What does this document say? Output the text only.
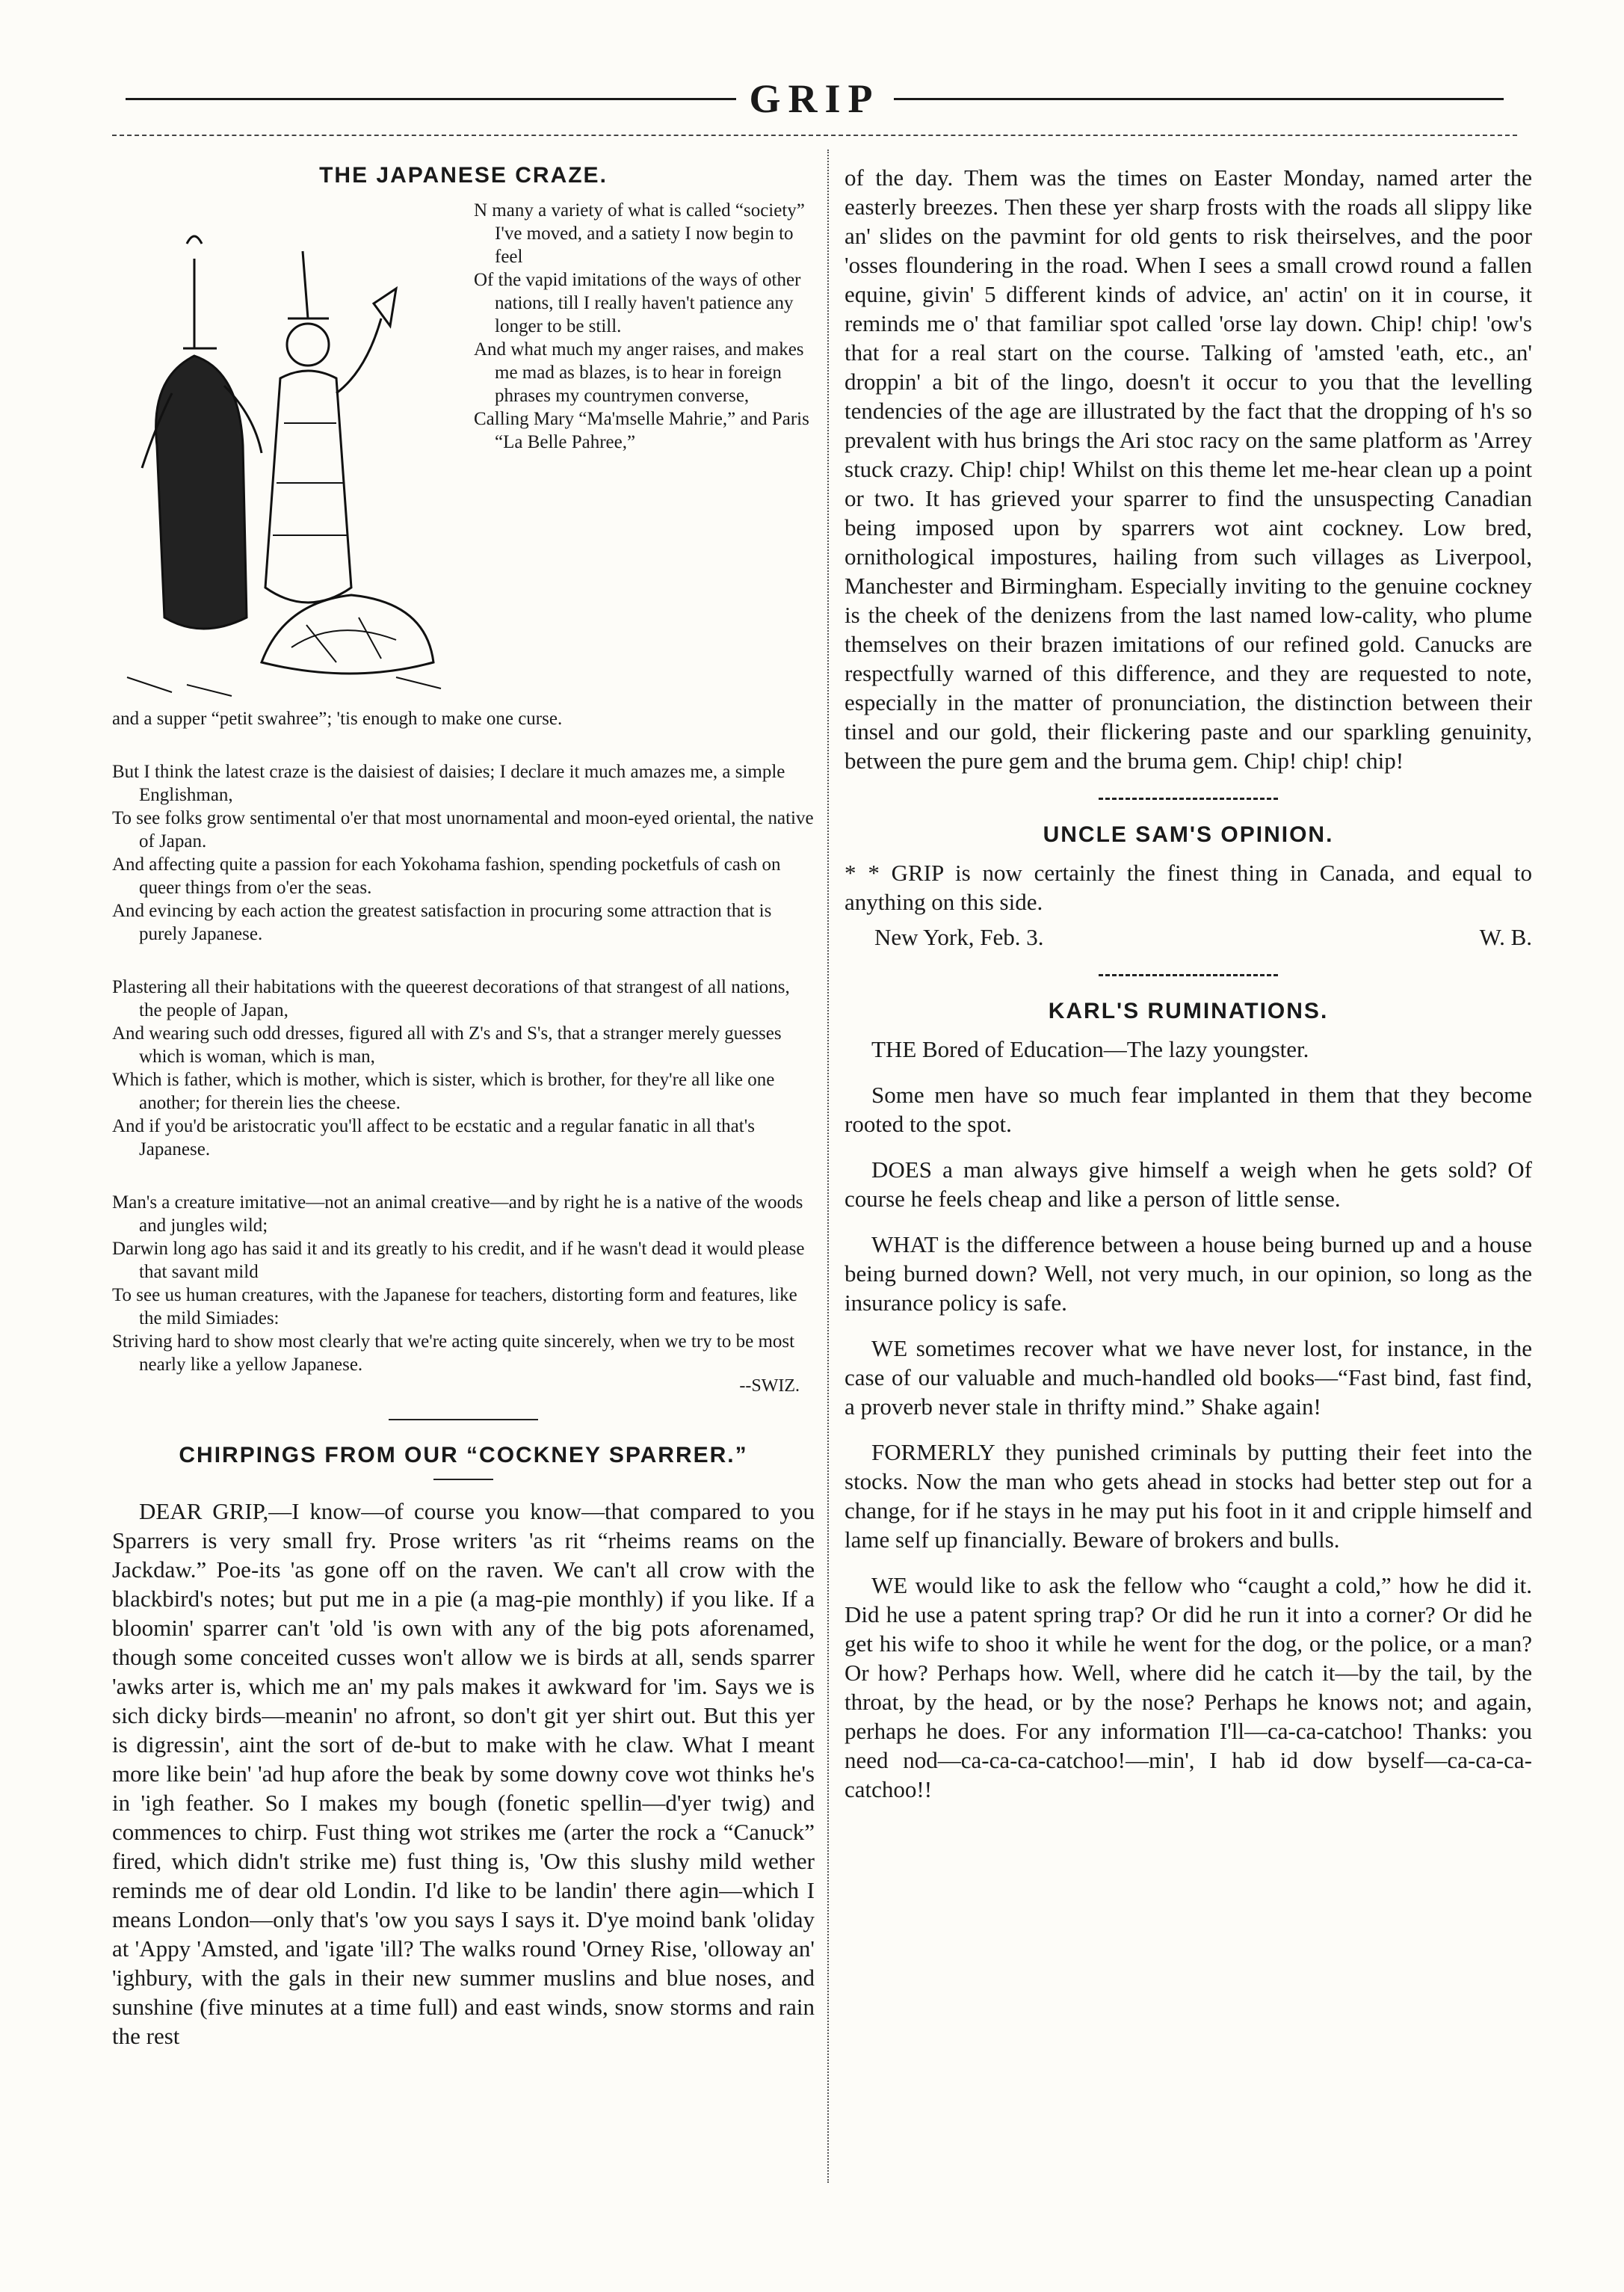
GRIP
THE JAPANESE CRAZE.

N many a variety of what is called “society” I've moved, and a satiety I now begin to feel

Of the vapid imitations of the ways of other nations, till I really haven't patience any longer to be still.

And what much my anger raises, and makes me mad as blazes, is to hear in foreign phrases my countrymen converse,

Calling Mary “Ma'mselle Mahrie,” and Paris “La Belle Pahree,”

and a supper “petit swahree”; 'tis enough to make one curse.

But I think the latest craze is the daisiest of daisies; I declare it much amazes me, a simple Englishman,

To see folks grow sentimental o'er that most unornamental and moon-eyed oriental, the native of Japan.

And affecting quite a passion for each Yokohama fashion, spending pocketfuls of cash on queer things from o'er the seas.

And evincing by each action the greatest satisfaction in procuring some attraction that is purely Japanese.

Plastering all their habitations with the queerest decorations of that strangest of all nations, the people of Japan,

And wearing such odd dresses, figured all with Z's and S's, that a stranger merely guesses which is woman, which is man,

Which is father, which is mother, which is sister, which is brother, for they're all like one another; for therein lies the cheese.

And if you'd be aristocratic you'll affect to be ecstatic and a regular fanatic in all that's Japanese.

Man's a creature imitative—not an animal creative—and by right he is a native of the woods and jungles wild;

Darwin long ago has said it and its greatly to his credit, and if he wasn't dead it would please that savant mild

To see us human creatures, with the Japanese for teachers, distorting form and features, like the mild Simiades:

Striving hard to show most clearly that we're acting quite sincerely, when we try to be most nearly like a yellow Japanese.

--SWIZ.
CHIRPINGS FROM OUR “COCKNEY SPARRER.”

DEAR GRIP,—I know—of course you know—that compared to you Sparrers is very small fry. Prose writers 'as rit “rheims reams on the Jackdaw.” Poe-its 'as gone off on the raven. We can't all crow with the blackbird's notes; but put me in a pie (a mag-pie monthly) if you like. If a bloomin' sparrer can't 'old 'is own with any of the big pots aforenamed, though some conceited cusses won't allow we is birds at all, sends sparrer 'awks arter is, which me an' my pals makes it awkward for 'im. Says we is sich dicky birds—meanin' no afront, so don't git yer shirt out. But this yer is digressin', aint the sort of de-but to make with he claw. What I meant more like bein' 'ad hup afore the beak by some downy cove wot thinks he's in 'igh feather. So I makes my bough (fonetic spellin—d'yer twig) and commences to chirp. Fust thing wot strikes me (arter the rock a “Canuck” fired, which didn't strike me) fust thing is, 'Ow this slushy mild wether reminds me of dear old Londin. I'd like to be landin' there agin—which I means London—only that's 'ow you says I says it. D'ye moind bank 'oliday at 'Appy 'Amsted, and 'igate 'ill? The walks round 'Orney Rise, 'olloway an' 'ighbury, with the gals in their new summer muslins and blue noses, and sunshine (five minutes at a time full) and east winds, snow storms and rain the rest

of the day. Them was the times on Easter Monday, named arter the easterly breezes. Then these yer sharp frosts with the roads all slippy like an' slides on the pavmint for old gents to risk theirselves, and the poor 'osses floundering in the road. When I sees a small crowd round a fallen equine, givin' 5 different kinds of advice, an' actin' on it in course, it reminds me o' that familiar spot called 'orse lay down. Chip! chip! 'ow's that for a real start on the course. Talking of 'amsted 'eath, etc., an' droppin' a bit of the lingo, doesn't it occur to you that the levelling tendencies of the age are illustrated by the fact that the dropping of h's so prevalent with hus brings the Ari stoc racy on the same platform as 'Arrey stuck crazy. Chip! chip! Whilst on this theme let me-hear clean up a point or two. It has grieved your sparrer to find the unsuspecting Canadian being imposed upon by sparrers wot aint cockney. Low bred, ornithological impostures, hailing from such villages as Liverpool, Manchester and Birmingham. Especially inviting to the genuine cockney is the cheek of the denizens from the last named low-cality, who plume themselves on their brazen imitations of our refined gold. Canucks are respectfully warned of this difference, and they are requested to note, especially in the matter of pronunciation, the distinction between their tinsel and our gold, their flickering paste and our sparkling genuinity, between the pure gem and the bruma gem. Chip! chip! chip!

UNCLE SAM'S OPINION.

* * GRIP is now certainly the finest thing in Canada, and equal to anything on this side.

New York, Feb. 3.	W. B.
KARL'S RUMINATIONS.

THE Bored of Education—The lazy youngster.

Some men have so much fear implanted in them that they become rooted to the spot.

DOES a man always give himself a weigh when he gets sold? Of course he feels cheap and like a person of little sense.

WHAT is the difference between a house being burned up and a house being burned down? Well, not very much, in our opinion, so long as the insurance policy is safe.

WE sometimes recover what we have never lost, for instance, in the case of our valuable and much-handled old books—“Fast bind, fast find, a proverb never stale in thrifty mind.” Shake again!

FORMERLY they punished criminals by putting their feet into the stocks. Now the man who gets ahead in stocks had better step out for a change, for if he stays in he may put his foot in it and cripple himself and lame self up financially. Beware of brokers and bulls.

WE would like to ask the fellow who “caught a cold,” how he did it. Did he use a patent spring trap? Or did he run it into a corner? Or did he get his wife to shoo it while he went for the dog, or the police, or a man? Or how? Perhaps how. Well, where did he catch it—by the tail, by the throat, by the head, or by the nose? Perhaps he knows not; and again, perhaps he does. For any information I'll—ca-ca-catchoo! Thanks: you need nod—ca-ca-ca-catchoo!—min', I hab id dow byself—ca-ca-ca-catchoo!!
